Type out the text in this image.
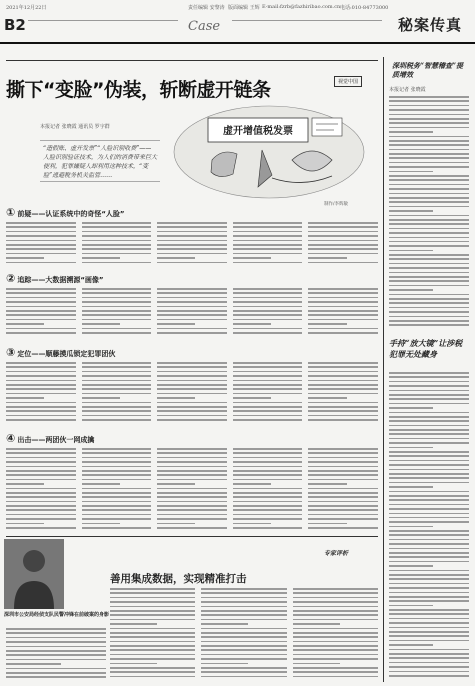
2021年12月22日	责任编辑 安黎涛 版面编辑 王辉 E-mail:fzrb@fazhiribao.com.cn 电话:010-84773000
B2	Case	秘案传真
撕下“变脸”伪装，斩断虚开链条	视觉中国
本报记者 张晓霞 通讯员 罗宇群
“造假账、虚开发票”“人脸识别收费”——人脸识别验证技术，为人们的消费带来巨大便利，犯罪嫌疑人却利用这种技术，“变脸”逃避税务机关监管……
虚开增值税发票
制作/李辉敏
① 前疑——认证系统中的奇怪“人脸”
② 追踪——大数据溯源“画像”
③ 定位——顺藤摸瓜锁定犯罪团伙
④ 出击——两团伙一网成擒
深圳市公安局经侦支队民警冲锋在前破案的身影
专家评析
善用集成数据，实现精准打击
深圳税务“智慧稽查”提质增效
本报记者 张晓霞
手持“放大镜”让涉税犯罪无处藏身
